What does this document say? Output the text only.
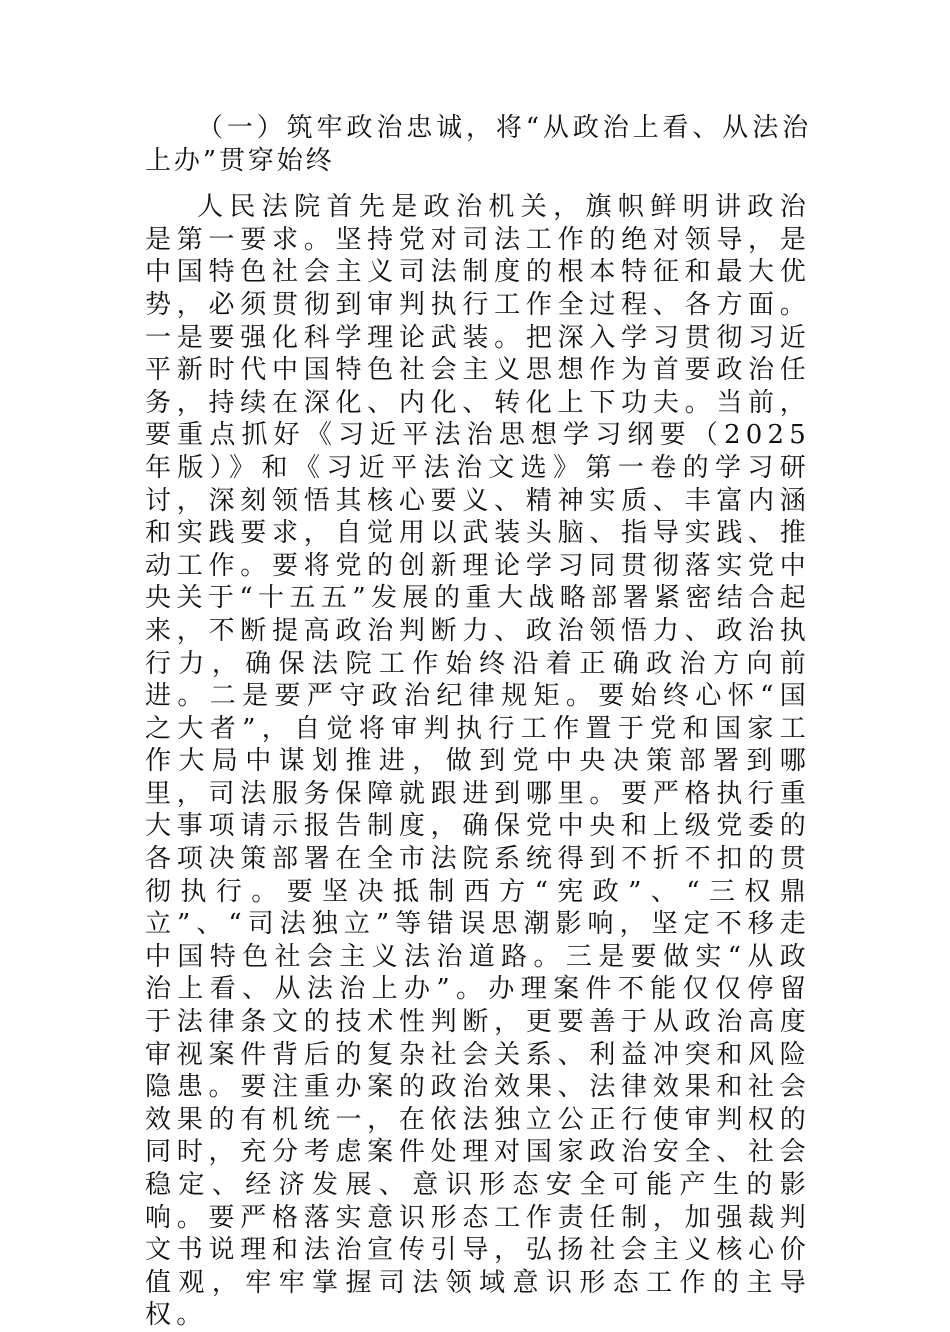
（一）筑牢政治忠诚，将“从政治上看、从法治上办”贯穿始终

人民法院首先是政治机关，旗帜鲜明讲政治是第一要求。坚持党对司法工作的绝对领导，是中国特色社会主义司法制度的根本特征和最大优势，必须贯彻到审判执行工作全过程、各方面。一是要强化科学理论武装。把深入学习贯彻习近平新时代中国特色社会主义思想作为首要政治任务，持续在深化、内化、转化上下功夫。当前，要重点抓好《习近平法治思想学习纲要（2025年版）》和《习近平法治文选》第一卷的学习研讨，深刻领悟其核心要义、精神实质、丰富内涵和实践要求，自觉用以武装头脑、指导实践、推动工作。要将党的创新理论学习同贯彻落实党中央关于“十五五”发展的重大战略部署紧密结合起来，不断提高政治判断力、政治领悟力、政治执行力，确保法院工作始终沿着正确政治方向前进。二是要严守政治纪律规矩。要始终心怀“国之大者”，自觉将审判执行工作置于党和国家工作大局中谋划推进，做到党中央决策部署到哪里，司法服务保障就跟进到哪里。要严格执行重大事项请示报告制度，确保党中央和上级党委的各项决策部署在全市法院系统得到不折不扣的贯彻执行。要坚决抵制西方“宪政”、“三权鼎立”、“司法独立”等错误思潮影响，坚定不移走中国特色社会主义法治道路。三是要做实“从政治上看、从法治上办”。办理案件不能仅仅停留于法律条文的技术性判断，更要善于从政治高度审视案件背后的复杂社会关系、利益冲突和风险隐患。要注重办案的政治效果、法律效果和社会效果的有机统一，在依法独立公正行使审判权的同时，充分考虑案件处理对国家政治安全、社会稳定、经济发展、意识形态安全可能产生的影响。要严格落实意识形态工作责任制，加强裁判文书说理和法治宣传引导，弘扬社会主义核心价值观，牢牢掌握司法领域意识形态工作的主导权。
